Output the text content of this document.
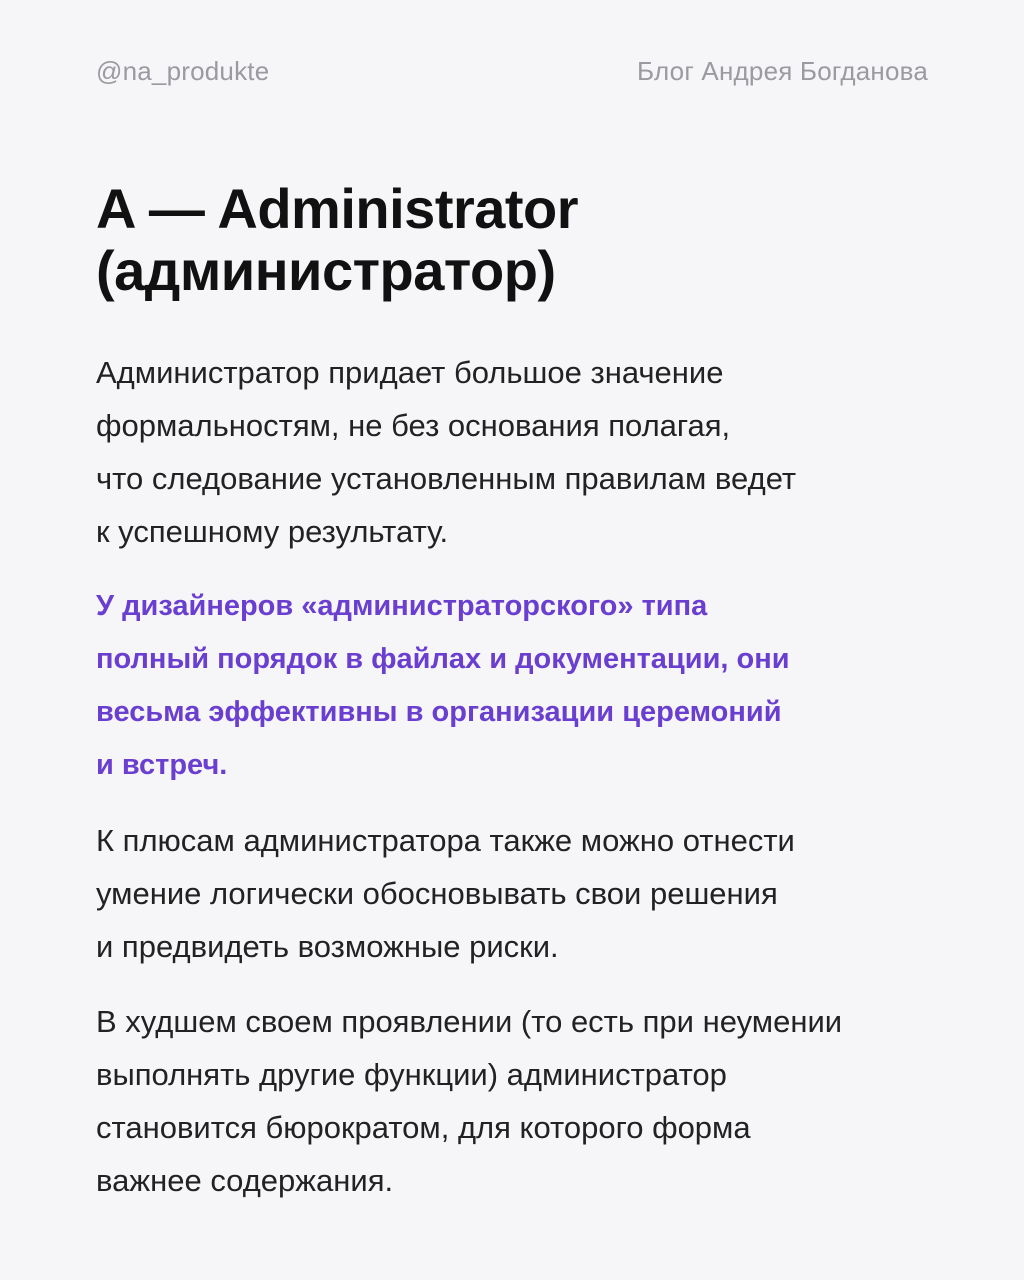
@na_produkte	Блог Андрея Богданова
A — Administrator
(администратор)

Администратор придает большое значение
формальностям, не без основания полагая,
что следование установленным правилам ведет
к успешному результату.

У дизайнеров «администраторского» типа
полный порядок в файлах и документации, они
весьма эффективны в организации церемоний
и встреч.

К плюсам администратора также можно отнести
умение логически обосновывать свои решения
и предвидеть возможные риски.

В худшем своем проявлении (то есть при неумении
выполнять другие функции) администратор
становится бюрократом, для которого форма
важнее содержания.
